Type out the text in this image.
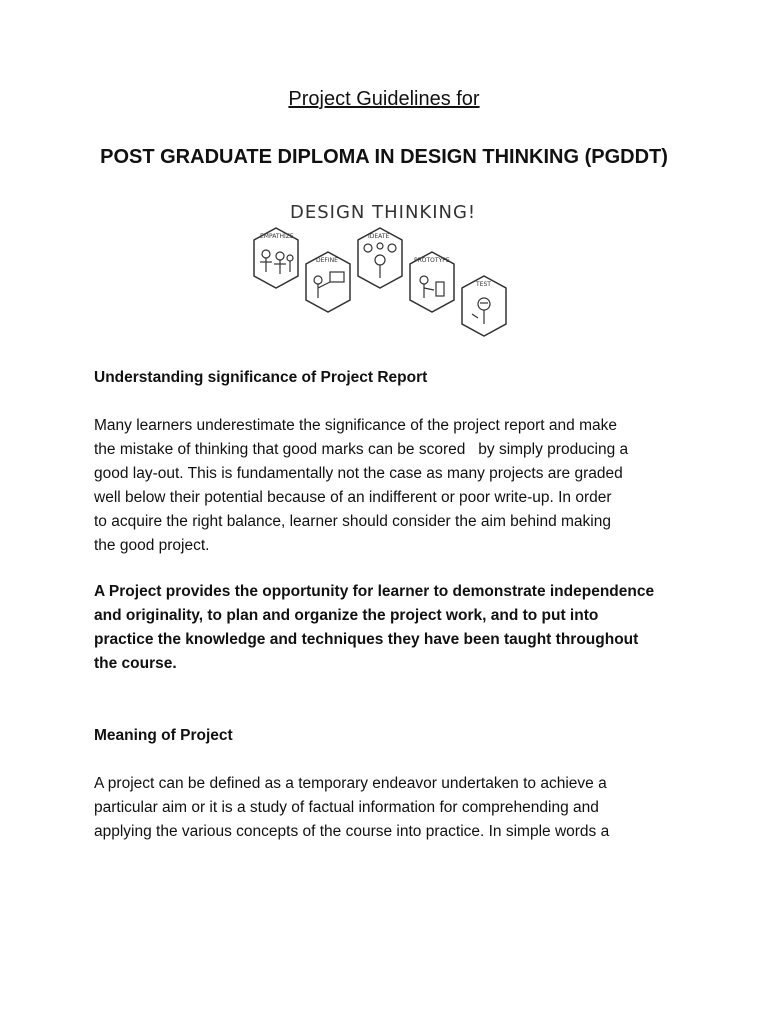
Project Guidelines for
POST GRADUATE DIPLOMA IN DESIGN THINKING (PGDDT)
DESIGN THINKING!
EMPATHIZE
DEFINE
IDEATE
PROTOTYPE
TEST
Understanding significance of Project Report
Many learners underestimate the significance of the project report and make
the mistake of thinking that good marks can be scored   by simply producing a
good lay-out. This is fundamentally not the case as many projects are graded
well below their potential because of an indifferent or poor write-up. In order
to acquire the right balance, learner should consider the aim behind making
the good project.
A Project provides the opportunity for learner to demonstrate independence
and originality, to plan and organize the project work, and to put into
practice the knowledge and techniques they have been taught throughout
the course.
Meaning of Project
A project can be defined as a temporary endeavor undertaken to achieve a
particular aim or it is a study of factual information for comprehending and
applying the various concepts of the course into practice. In simple words a
